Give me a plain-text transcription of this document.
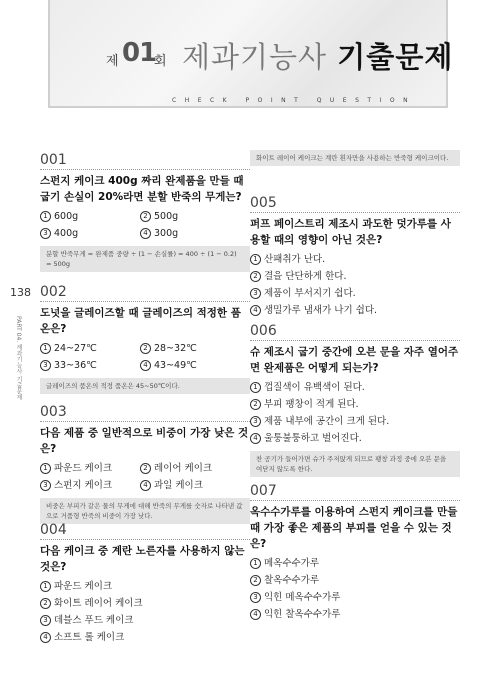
제 01
회 제과기능사 기출문제
CHECK POINT QUESTION
138
PART 04. 제과기능사 기출문제
001
스펀지 케이크 400g 짜리 완제품을 만들 때 굽기 손실이 20%라면 분할 반죽의 무게는?
1 600g	2 500g
3 400g	4 300g
분할 반죽무게 = 완제품 중량 ÷ (1 − 손실률) = 400 ÷ (1 − 0.2) = 500g
002
도넛을 글레이즈할 때 글레이즈의 적정한 품온은?
1 24~27℃	2 28~32℃
3 33~36℃	4 43~49℃
글레이즈의 품온의 적정 품온은 45~50℃이다.
003
다음 제품 중 일반적으로 비중이 가장 낮은 것은?
1 파운드 케이크	2 레이어 케이크
3 스펀지 케이크	4 과일 케이크
비중은 부피가 같은 물의 무게에 대해 반죽의 무게를 숫자로 나타낸 값으로 거품형 반죽의 비중이 가장 낮다.
004
다음 케이크 중 계란 노른자를 사용하지 않는 것은?
1 파운드 케이크
2 화이트 레이어 케이크
3 데블스 푸드 케이크
4 소프트 롤 케이크
화이트 레이어 케이크는 계란 흰자만을 사용하는 반죽형 케이크이다.
005
퍼프 페이스트리 제조시 과도한 덧가루를 사용할 때의 영향이 아닌 것은?
1 산패취가 난다.
2 결을 단단하게 한다.
3 제품이 부서지기 쉽다.
4 생밀가루 냄새가 나기 쉽다.
006
슈 제조시 굽기 중간에 오븐 문을 자주 열어주면 완제품은 어떻게 되는가?
1 껍질색이 유백색이 된다.
2 부피 팽창이 적게 된다.
3 제품 내부에 공간이 크게 된다.
4 울퉁불퉁하고 벌어진다.
찬 공기가 들어가면 슈가 주저앉게 되므로 팽창 과정 중에 오븐 문을 여닫지 않도록 한다.
007
옥수수가루를 이용하여 스펀지 케이크를 만들 때 가장 좋은 제품의 부피를 얻을 수 있는 것은?
1 메옥수수가루
2 찰옥수수가루
3 익힌 메옥수수가루
4 익힌 찰옥수수가루
